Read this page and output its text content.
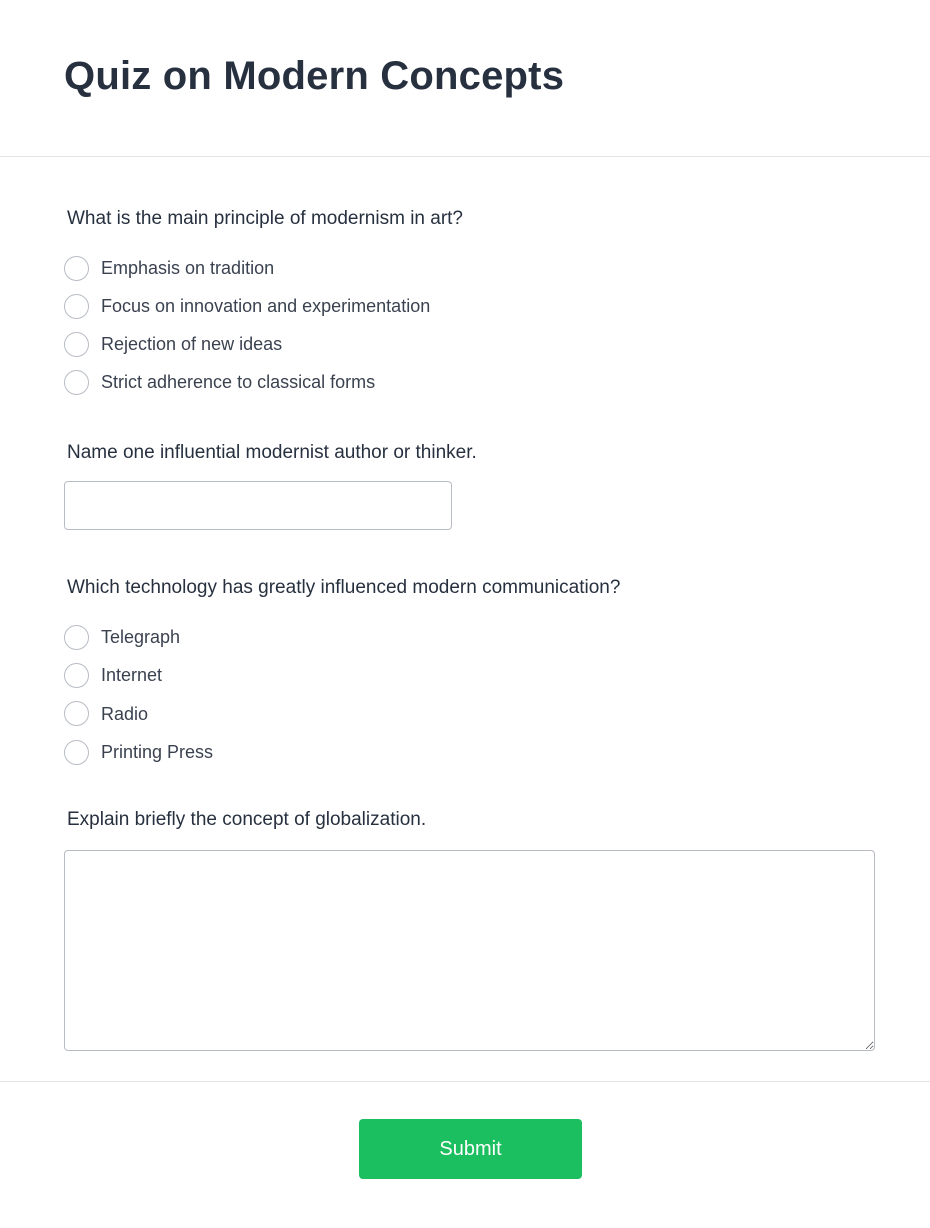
Quiz on Modern Concepts
What is the main principle of modernism in art?
Emphasis on tradition
Focus on innovation and experimentation
Rejection of new ideas
Strict adherence to classical forms
Name one influential modernist author or thinker.
Which technology has greatly influenced modern communication?
Telegraph
Internet
Radio
Printing Press
Explain briefly the concept of globalization.
Submit
